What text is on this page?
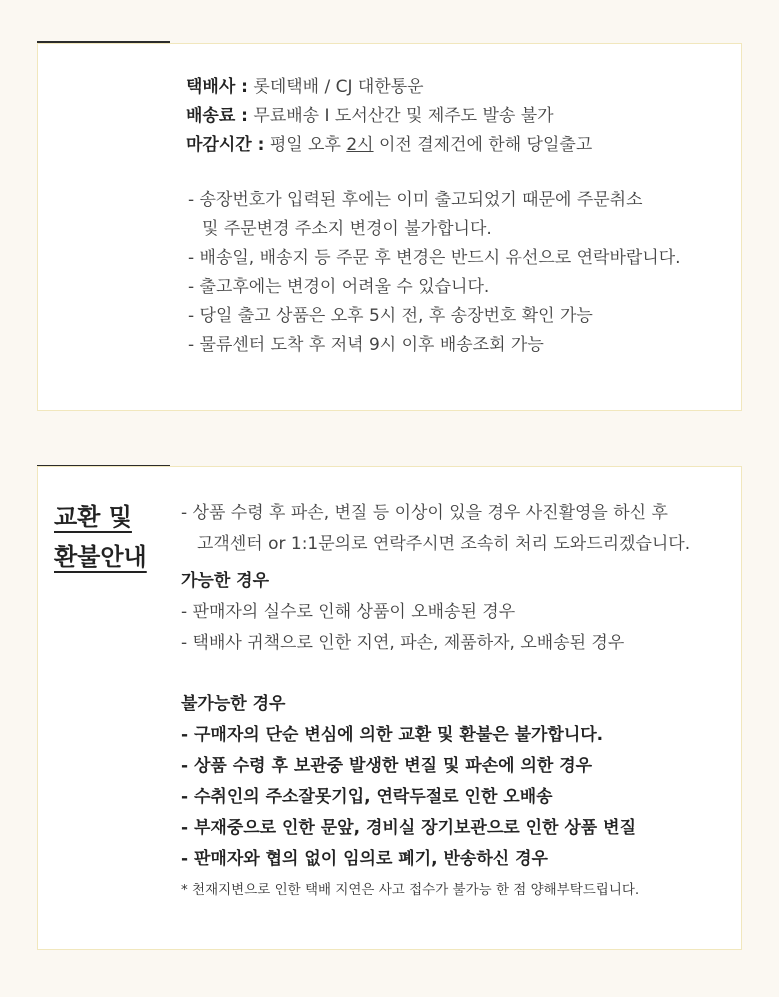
택배사 : 롯데택배 / CJ 대한통운
배송료 : 무료배송 I 도서산간 및 제주도 발송 불가
마감시간 : 평일 오후 2시 이전 결제건에 한해 당일출고
- 송장번호가 입력된 후에는 이미 출고되었기 때문에 주문취소
및 주문변경 주소지 변경이 불가합니다.
- 배송일, 배송지 등 주문 후 변경은 반드시 유선으로 연락바랍니다.
- 출고후에는 변경이 어려울 수 있습니다.
- 당일 출고 상품은 오후 5시 전, 후 송장번호 확인 가능
- 물류센터 도착 후 저녁 9시 이후 배송조회 가능
교환 및
환불안내
- 상품 수령 후 파손, 변질 등 이상이 있을 경우 사진활영을 하신 후
고객센터 or 1:1문의로 연락주시면 조속히 처리 도와드리겠습니다.
가능한 경우
- 판매자의 실수로 인해 상품이 오배송된 경우
- 택배사 귀책으로 인한 지연, 파손, 제품하자, 오배송된 경우
불가능한 경우
- 구매자의 단순 변심에 의한 교환 및 환불은 불가합니다.
- 상품 수령 후 보관중 발생한 변질 및 파손에 의한 경우
- 수취인의 주소잘못기입, 연락두절로 인한 오배송
- 부재중으로 인한 문앞, 경비실 장기보관으로 인한 상품 변질
- 판매자와 협의 없이 임의로 폐기, 반송하신 경우
* 천재지변으로 인한 택배 지연은 사고 접수가 불가능 한 점 양해부탁드립니다.
